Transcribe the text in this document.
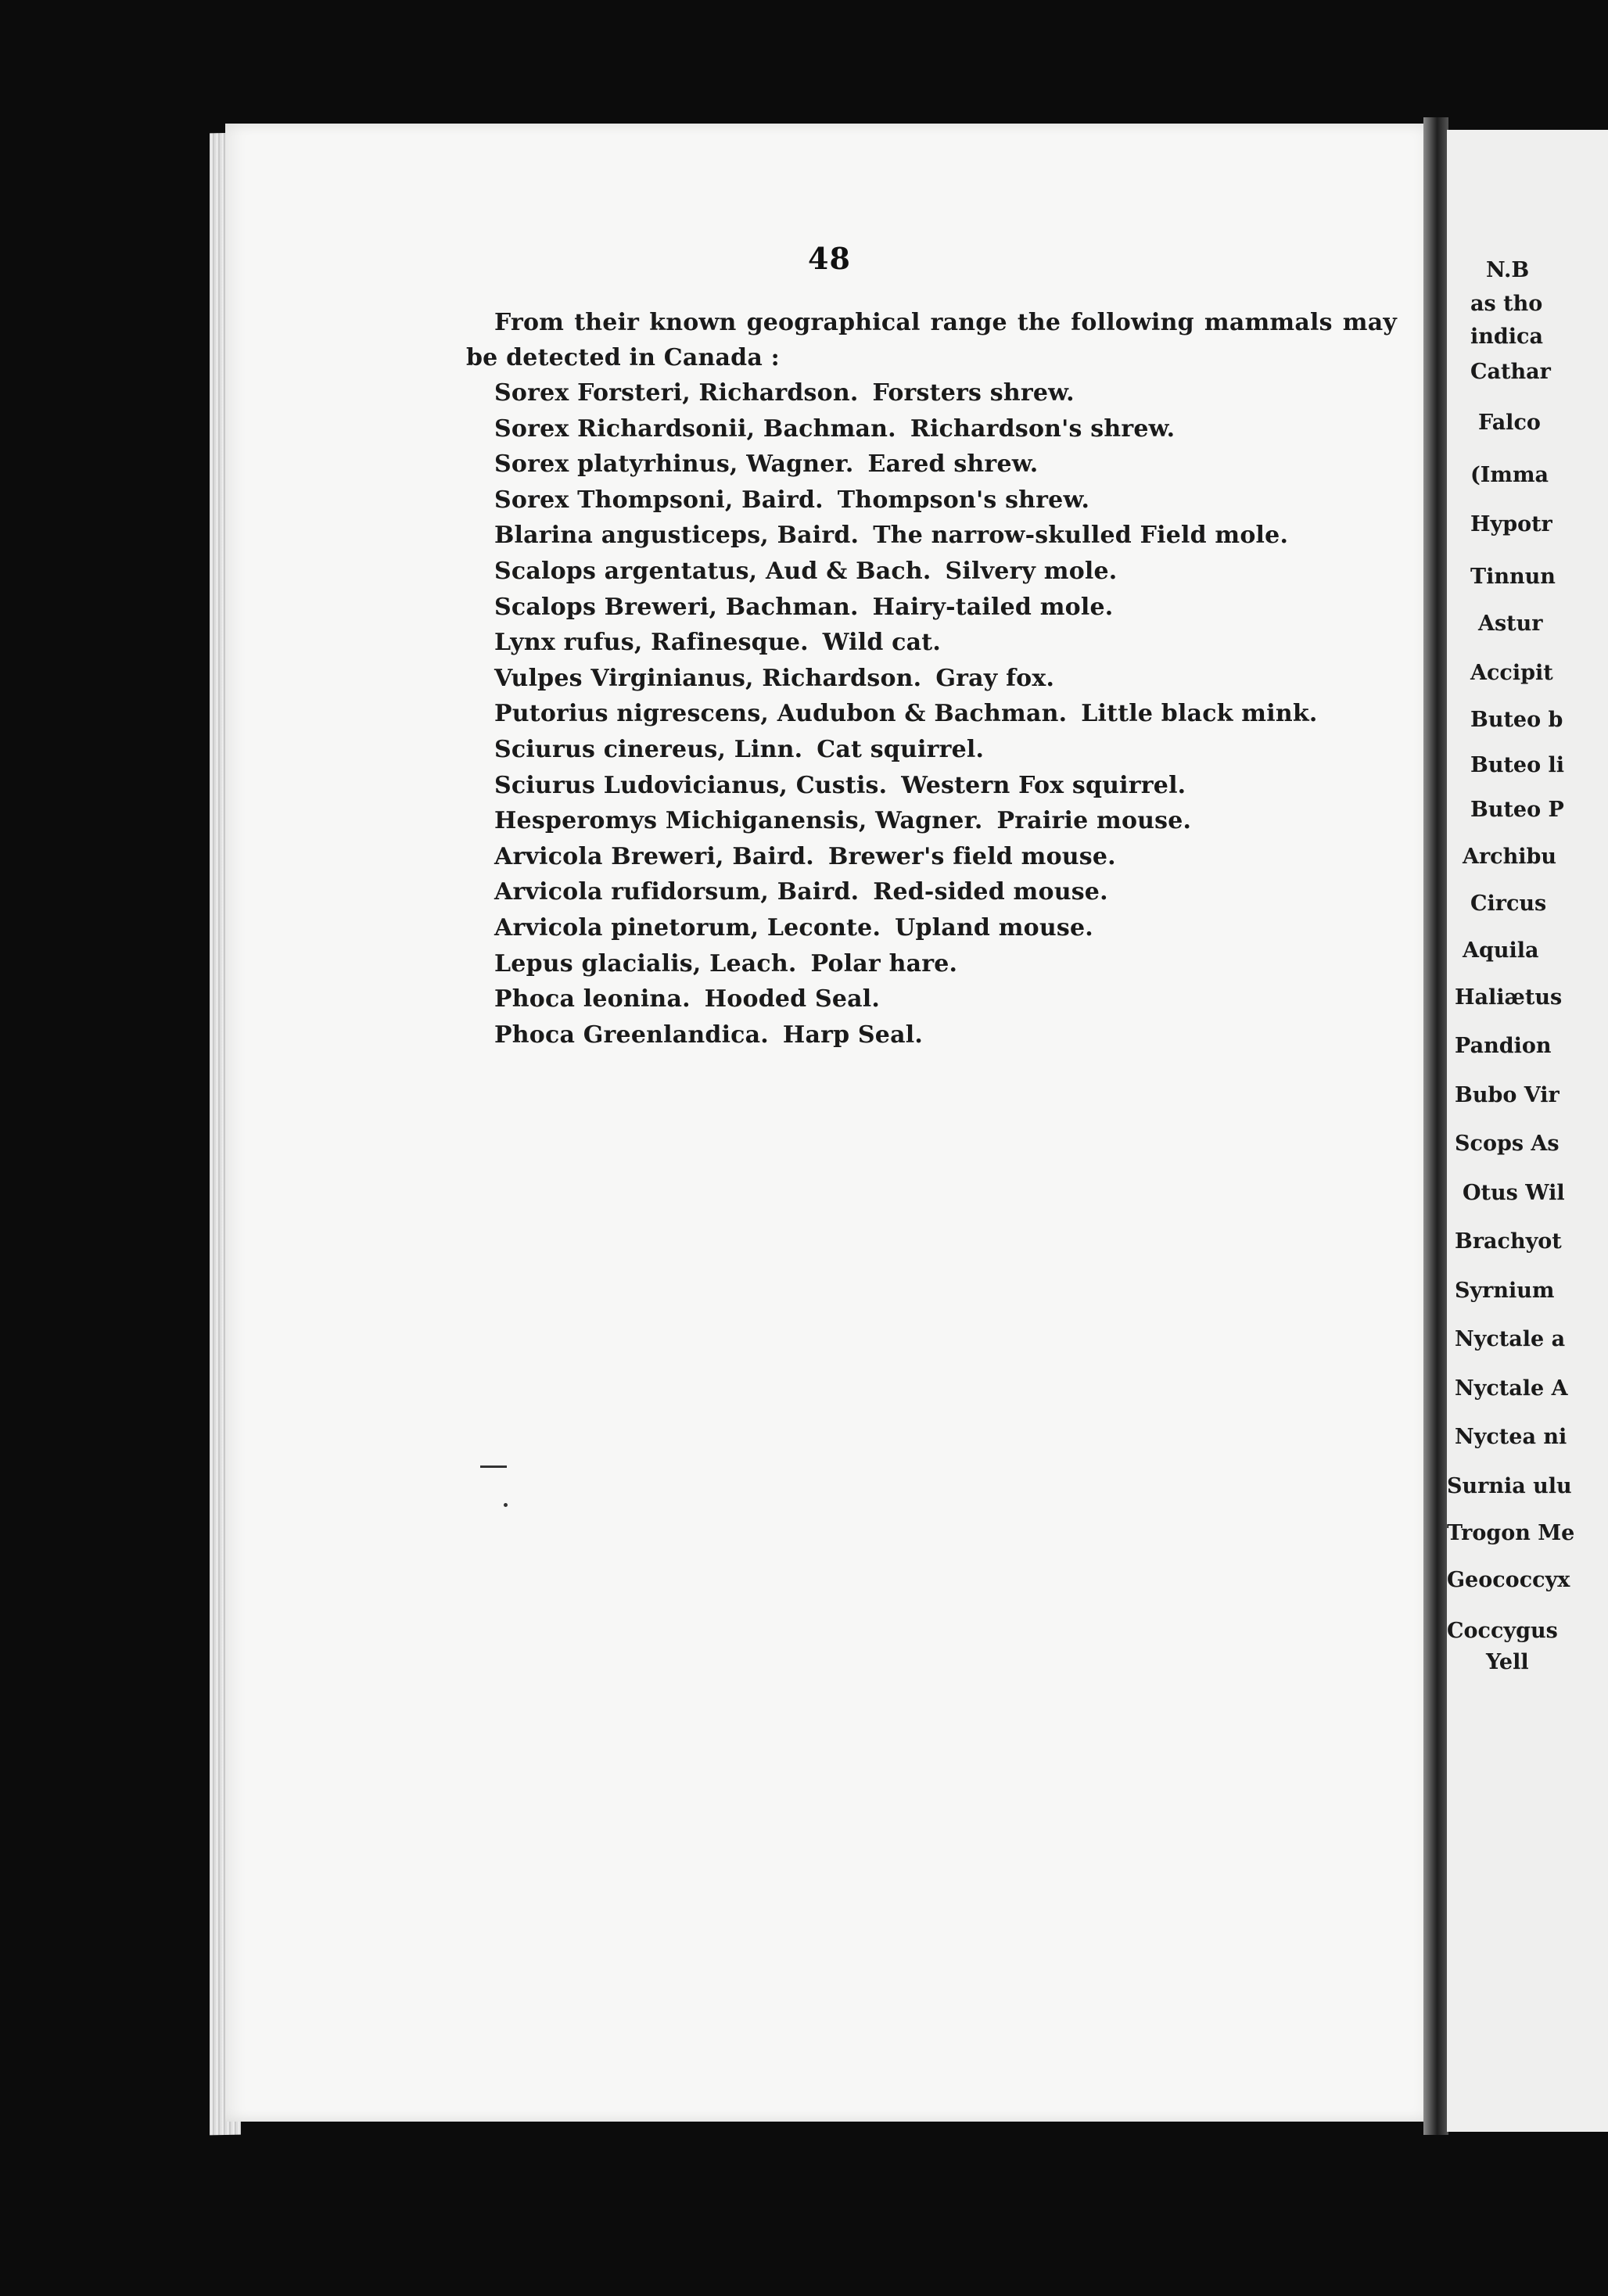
48

From their known geographical range the following mammals may be detected in Canada :

Sorex Forsteri, Richardson. Forsters shrew.
Sorex Richardsonii, Bachman. Richardson's shrew.
Sorex platyrhinus, Wagner. Eared shrew.
Sorex Thompsoni, Baird. Thompson's shrew.
Blarina angusticeps, Baird. The narrow-skulled Field mole.
Scalops argentatus, Aud & Bach. Silvery mole.
Scalops Breweri, Bachman. Hairy-tailed mole.
Lynx rufus, Rafinesque. Wild cat.
Vulpes Virginianus, Richardson. Gray fox.
Putorius nigrescens, Audubon & Bachman. Little black mink.
Sciurus cinereus, Linn. Cat squirrel.
Sciurus Ludovicianus, Custis. Western Fox squirrel.
Hesperomys Michiganensis, Wagner. Prairie mouse.
Arvicola Breweri, Baird. Brewer's field mouse.
Arvicola rufidorsum, Baird. Red-sided mouse.
Arvicola pinetorum, Leconte. Upland mouse.
Lepus glacialis, Leach. Polar hare.
Phoca leonina. Hooded Seal.
Phoca Greenlandica. Harp Seal.
N.B
as tho
indica
Cathar
Falco
(Imma
Hypotr
Tinnun
Astur
Accipit
Buteo b
Buteo li
Buteo P
Archibu
Circus
Aquila
Haliætus
Pandion
Bubo Vir
Scops As
Otus Wil
Brachyot
Syrnium
Nyctale a
Nyctale A
Nyctea ni
Surnia ulu
Trogon Me
Geococcyx
Coccygus
Yell
